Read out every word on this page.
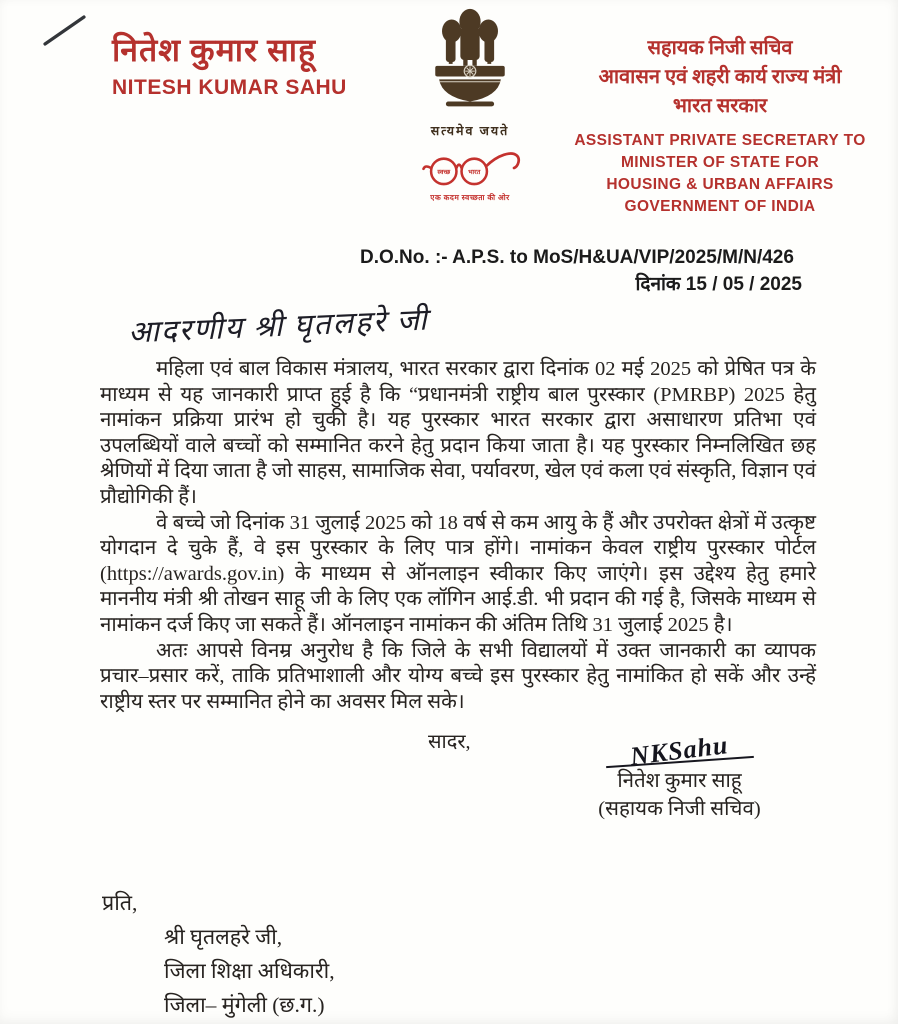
नितेश कुमार साहू
NITESH KUMAR SAHU
सत्यमेव जयते
स्वच्छ भारत
एक कदम स्वच्छता की ओर
सहायक निजी सचिव
आवासन एवं शहरी कार्य राज्य मंत्री
भारत सरकार
ASSISTANT PRIVATE SECRETARY TO
MINISTER OF STATE FOR
HOUSING & URBAN AFFAIRS
GOVERNMENT OF INDIA
D.O.No. :- A.P.S. to MoS/H&UA/VIP/2025/M/N/426
दिनांक 15 / 05 / 2025
आदरणीय श्री घृतलहरे जी

महिला एवं बाल विकास मंत्रालय, भारत सरकार द्वारा दिनांक 02 मई 2025 को प्रेषित पत्र के माध्यम से यह जानकारी प्राप्त हुई है कि “प्रधानमंत्री राष्ट्रीय बाल पुरस्कार (PMRBP) 2025 हेतु नामांकन प्रक्रिया प्रारंभ हो चुकी है। यह पुरस्कार भारत सरकार द्वारा असाधारण प्रतिभा एवं उपलब्धियों वाले बच्चों को सम्मानित करने हेतु प्रदान किया जाता है। यह पुरस्कार निम्नलिखित छह श्रेणियों में दिया जाता है जो साहस, सामाजिक सेवा, पर्यावरण, खेल एवं कला एवं संस्कृति, विज्ञान एवं प्रौद्योगिकी हैं।

वे बच्चे जो दिनांक 31 जुलाई 2025 को 18 वर्ष से कम आयु के हैं और उपरोक्त क्षेत्रों में उत्कृष्ट योगदान दे चुके हैं, वे इस पुरस्कार के लिए पात्र होंगे। नामांकन केवल राष्ट्रीय पुरस्कार पोर्टल (https://awards.gov.in) के माध्यम से ऑनलाइन स्वीकार किए जाएंगे। इस उद्देश्य हेतु हमारे माननीय मंत्री श्री तोखन साहू जी के लिए एक लॉगिन आई.डी. भी प्रदान की गई है, जिसके माध्यम से नामांकन दर्ज किए जा सकते हैं। ऑनलाइन नामांकन की अंतिम तिथि 31 जुलाई 2025 है।

अतः आपसे विनम्र अनुरोध है कि जिले के सभी विद्यालयों में उक्त जानकारी का व्यापक प्रचार–प्रसार करें, ताकि प्रतिभाशाली और योग्य बच्चे इस पुरस्कार हेतु नामांकित हो सकें और उन्हें राष्ट्रीय स्तर पर सम्मानित होने का अवसर मिल सके।

सादर,	NKSahu
नितेश कुमार साहू
(सहायक निजी सचिव)
प्रति,
श्री घृतलहरे जी,
जिला शिक्षा अधिकारी,
जिला– मुंगेली (छ.ग.)
